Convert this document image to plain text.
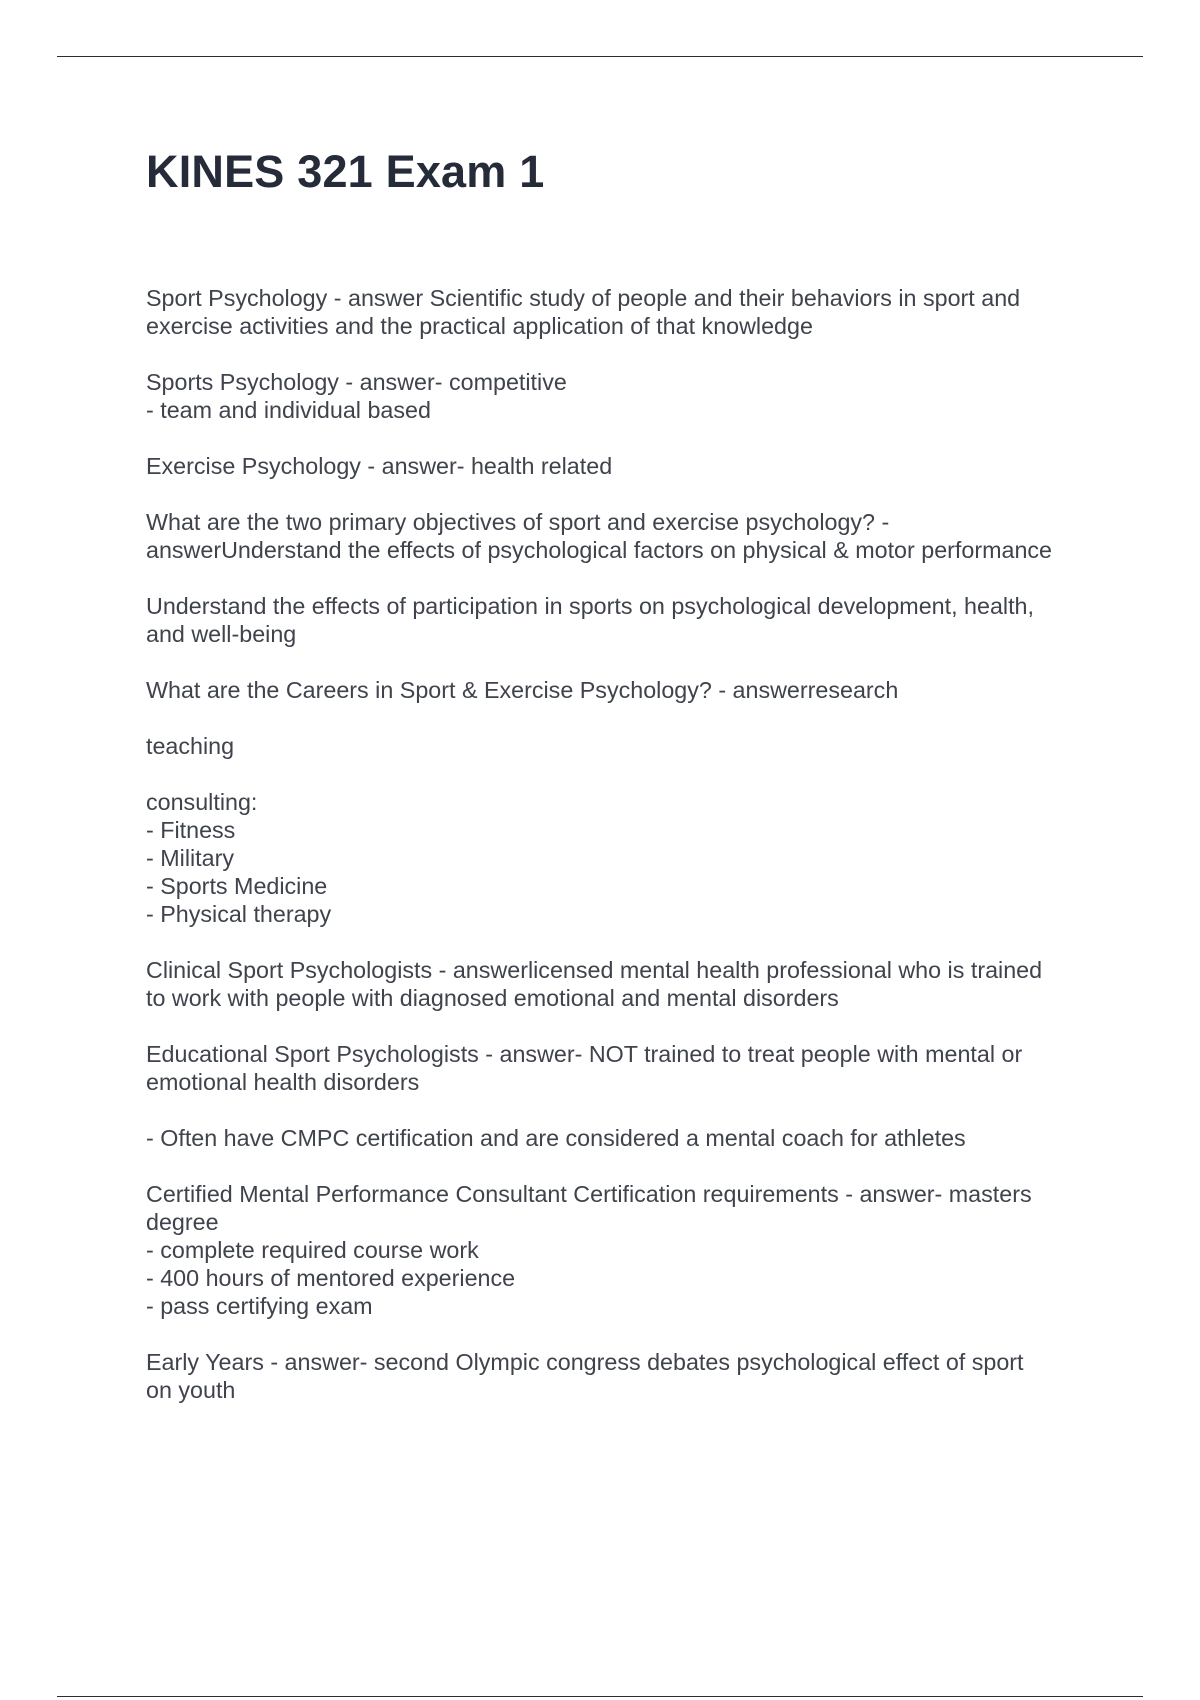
KINES 321 Exam 1

Sport Psychology - answer Scientific study of people and their behaviors in sport and
exercise activities and the practical application of that knowledge

Sports Psychology - answer- competitive
- team and individual based

Exercise Psychology - answer- health related

What are the two primary objectives of sport and exercise psychology? -
answerUnderstand the effects of psychological factors on physical & motor performance

Understand the effects of participation in sports on psychological development, health,
and well-being

What are the Careers in Sport & Exercise Psychology? - answerresearch

teaching

consulting:
- Fitness
- Military
- Sports Medicine
- Physical therapy

Clinical Sport Psychologists - answerlicensed mental health professional who is trained
to work with people with diagnosed emotional and mental disorders

Educational Sport Psychologists - answer- NOT trained to treat people with mental or
emotional health disorders

- Often have CMPC certification and are considered a mental coach for athletes

Certified Mental Performance Consultant Certification requirements - answer- masters
degree
- complete required course work
- 400 hours of mentored experience
- pass certifying exam

Early Years - answer- second Olympic congress debates psychological effect of sport
on youth
